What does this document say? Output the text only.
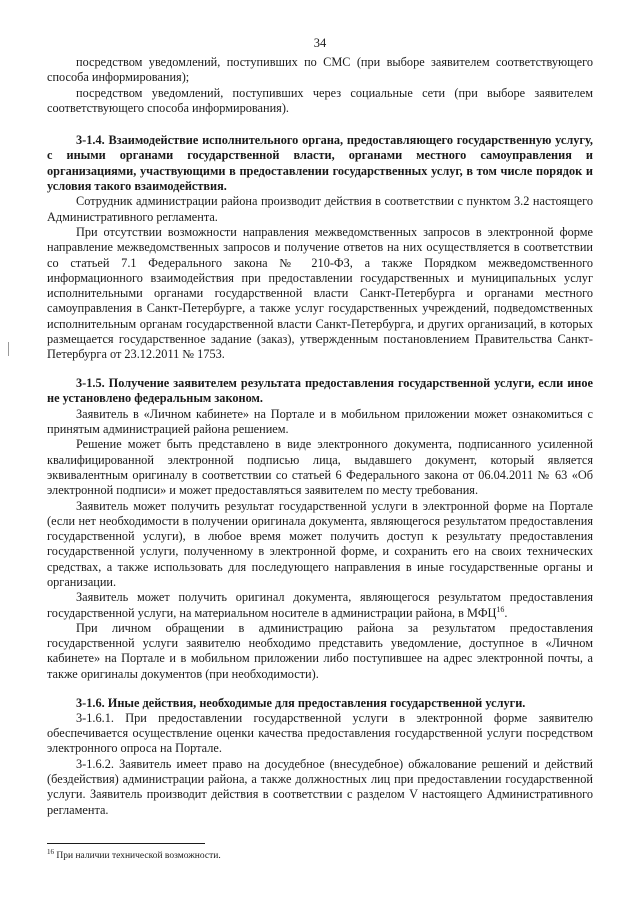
34

посредством уведомлений, поступивших по СМС (при выборе заявителем соответствующего способа информирования);

посредством уведомлений, поступивших через социальные сети (при выборе заявителем соответствующего способа информирования).

3-1.4. Взаимодействие исполнительного органа, предоставляющего государственную услугу, с иными органами государственной власти, органами местного самоуправления и организациями, участвующими в предоставлении государственных услуг, в том числе порядок и условия такого взаимодействия.

Сотрудник администрации района производит действия в соответствии с пунктом 3.2 настоящего Административного регламента.

При отсутствии возможности направления межведомственных запросов в электронной форме направление межведомственных запросов и получение ответов на них осуществляется в соответствии со статьей 7.1 Федерального закона № 210-ФЗ, а также Порядком межведомственного информационного взаимодействия при предоставлении государственных и муниципальных услуг исполнительными органами государственной власти Санкт-Петербурга и органами местного самоуправления в Санкт-Петербурге, а также услуг государственных учреждений, подведомственных исполнительным органам государственной власти Санкт-Петербурга, и других организаций, в которых размещается государственное задание (заказ), утвержденным постановлением Правительства Санкт-Петербурга от 23.12.2011 № 1753.

3-1.5. Получение заявителем результата предоставления государственной услуги, если иное не установлено федеральным законом.

Заявитель в «Личном кабинете» на Портале и в мобильном приложении может ознакомиться с принятым администрацией района решением.

Решение может быть представлено в виде электронного документа, подписанного усиленной квалифицированной электронной подписью лица, выдавшего документ, который является эквивалентным оригиналу в соответствии со статьей 6 Федерального закона от 06.04.2011 № 63 «Об электронной подписи» и может предоставляться заявителем по месту требования.

Заявитель может получить результат государственной услуги в электронной форме на Портале (если нет необходимости в получении оригинала документа, являющегося результатом предоставления государственной услуги), в любое время может получить доступ к результату предоставления государственной услуги, полученному в электронной форме, и сохранить его на своих технических средствах, а также использовать для последующего направления в иные государственные органы и организации.

Заявитель может получить оригинал документа, являющегося результатом предоставления государственной услуги, на материальном носителе в администрации района, в МФЦ$^{16}$.

При личном обращении в администрацию района за результатом предоставления государственной услуги заявителю необходимо представить уведомление, доступное в «Личном кабинете» на Портале и в мобильном приложении либо поступившее на адрес электронной почты, а также оригиналы документов (при необходимости).

3-1.6. Иные действия, необходимые для предоставления государственной услуги.

3-1.6.1. При предоставлении государственной услуги в электронной форме заявителю обеспечивается осуществление оценки качества предоставления государственной услуги посредством электронного опроса на Портале.

3-1.6.2. Заявитель имеет право на досудебное (внесудебное) обжалование решений и действий (бездействия) администрации района, а также должностных лиц при предоставлении государственной услуги. Заявитель производит действия в соответствии с разделом V настоящего Административного регламента.

$^{16}$ При наличии технической возможности.
